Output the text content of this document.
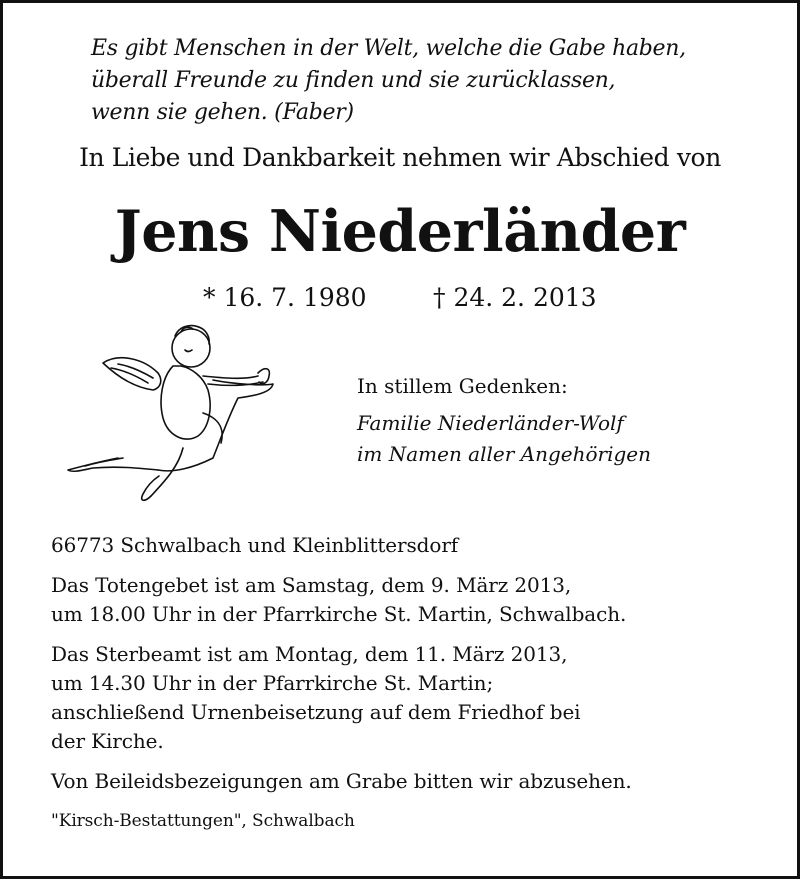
Es gibt Menschen in der Welt, welche die Gabe haben,
überall Freunde zu finden und sie zurücklassen,
wenn sie gehen. (Faber)
In Liebe und Dankbarkeit nehmen wir Abschied von
Jens Niederländer
* 16. 7. 1980	† 24. 2. 2013
In stillem Gedenken:
Familie Niederländer-Wolf
im Namen aller Angehörigen

66773 Schwalbach und Kleinblittersdorf

Das Totengebet ist am Samstag, dem 9. März 2013,
um 18.00 Uhr in der Pfarrkirche St. Martin, Schwalbach.

Das Sterbeamt ist am Montag, dem 11. März 2013,
um 14.30 Uhr in der Pfarrkirche St. Martin;
anschließend Urnenbeisetzung auf dem Friedhof bei
der Kirche.

Von Beileidsbezeigungen am Grabe bitten wir abzusehen.

"Kirsch-Bestattungen", Schwalbach
